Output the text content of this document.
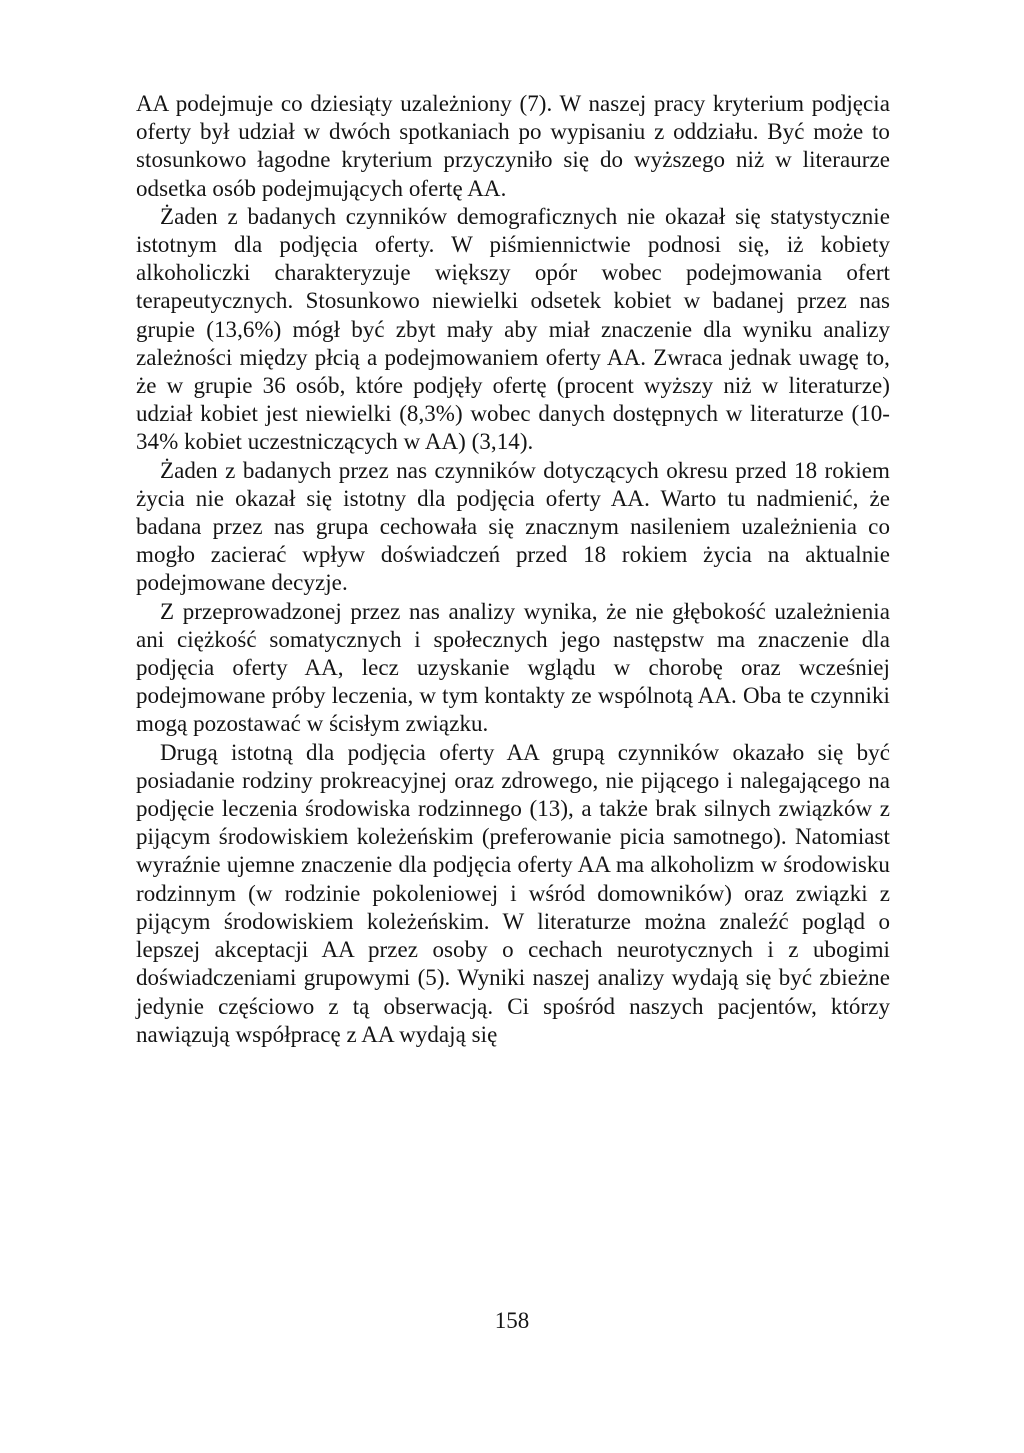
AA podejmuje co dziesiąty uzależniony (7). W naszej pracy kryterium podjęcia oferty był udział w dwóch spotkaniach po wypisaniu z oddziału. Być może to stosunkowo łagodne kryterium przyczyniło się do wyższego niż w literaurze odsetka osób podejmujących ofertę AA.

Żaden z badanych czynników demograficznych nie okazał się statystycznie istotnym dla podjęcia oferty. W piśmiennictwie podnosi się, iż kobiety alkoholiczki charakteryzuje większy opór wobec podejmowania ofert terapeutycznych. Stosunkowo niewielki odsetek kobiet w badanej przez nas grupie (13,6%) mógł być zbyt mały aby miał znaczenie dla wyniku analizy zależności między płcią a podejmowaniem oferty AA. Zwraca jednak uwagę to, że w grupie 36 osób, które podjęły ofertę (procent wyższy niż w literaturze) udział kobiet jest niewielki (8,3%) wobec danych dostępnych w literaturze (10-34% kobiet uczestniczących w AA) (3,14).

Żaden z badanych przez nas czynników dotyczących okresu przed 18 rokiem życia nie okazał się istotny dla podjęcia oferty AA. Warto tu nadmienić, że badana przez nas grupa cechowała się znacznym nasileniem uzależnienia co mogło zacierać wpływ doświadczeń przed 18 rokiem życia na aktualnie podejmowane decyzje.

Z przeprowadzonej przez nas analizy wynika, że nie głębokość uzależnienia ani ciężkość somatycznych i społecznych jego następstw ma znaczenie dla podjęcia oferty AA, lecz uzyskanie wglądu w chorobę oraz wcześniej podejmowane próby leczenia, w tym kontakty ze wspólnotą AA. Oba te czynniki mogą pozostawać w ścisłym związku.

Drugą istotną dla podjęcia oferty AA grupą czynników okazało się być posiadanie rodziny prokreacyjnej oraz zdrowego, nie pijącego i nalegającego na podjęcie leczenia środowiska rodzinnego (13), a także brak silnych związków z pijącym środowiskiem koleżeńskim (preferowanie picia samotnego). Natomiast wyraźnie ujemne znaczenie dla podjęcia oferty AA ma alkoholizm w środowisku rodzinnym (w rodzinie pokoleniowej i wśród domowników) oraz związki z pijącym środowiskiem koleżeńskim. W literaturze można znaleźć pogląd o lepszej akceptacji AA przez osoby o cechach neurotycznych i z ubogimi doświadczeniami grupowymi (5). Wyniki naszej analizy wydają się być zbieżne jedynie częściowo z tą obserwacją. Ci spośród naszych pacjentów, którzy nawiązują współpracę z AA wydają się

158
